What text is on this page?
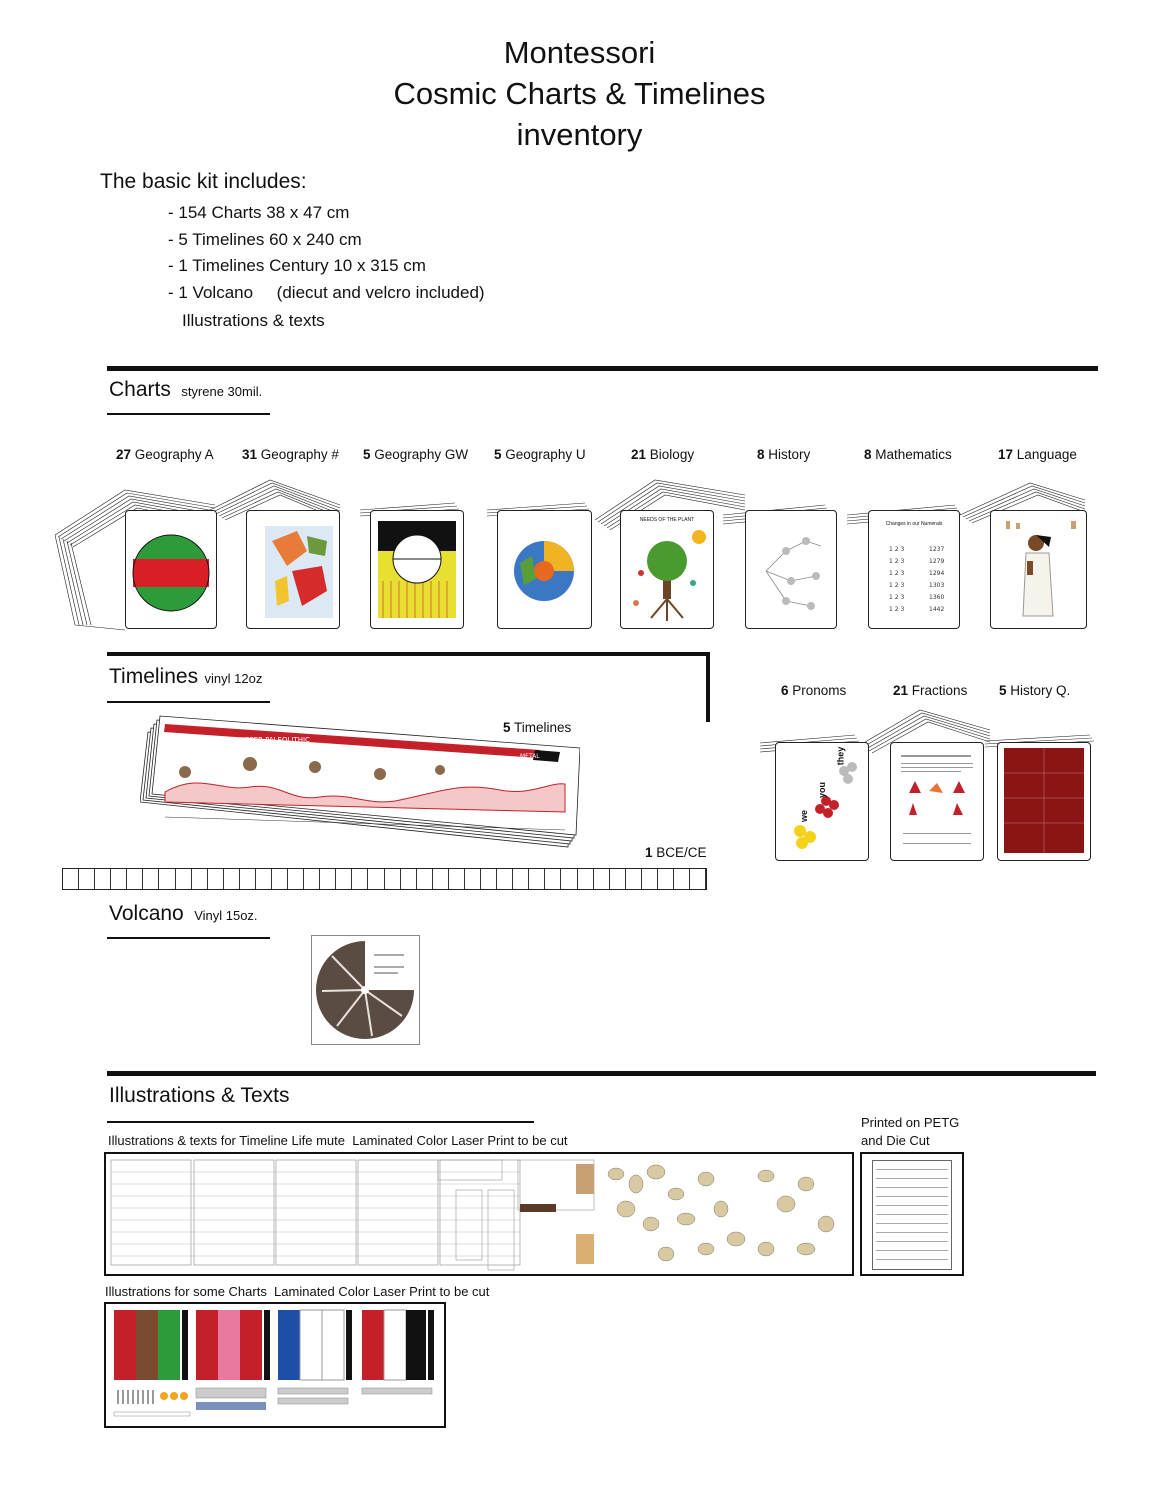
Montessori
Cosmic Charts & Timelines
inventory
The basic kit includes:
- 154 Charts 38 x 47 cm
- 5 Timelines 60 x 240 cm
- 1 Timelines Century 10 x 315 cm
- 1 Volcano     (diecut and velcro included)
Illustrations & texts
Charts styrene 30mil.
27 Geography A 31 Geography # 5 Geography GW 5 Geography U	21 Biology	8 History	8 Mathematics	17 Language
NEEDS OF THE PLANT
Changes in our Numerals
1 2 3	1237
1 2 3	1279
1 2 3	1294
1 2 3	1303
1 2 3	1360
1 2 3	1442
Timelines vinyl 12oz
5 Timelines
UPPER PALEOLITHIC
METAL
1 BCE/CE
6 Pronoms	21 Fractions 5 History Q.
they
you
we
Volcano Vinyl 15oz.
Illustrations & Texts
Illustrations & texts for Timeline Life mute  Laminated Color Laser Print to be cut
Printed on PETG
and Die Cut
Illustrations for some Charts  Laminated Color Laser Print to be cut
